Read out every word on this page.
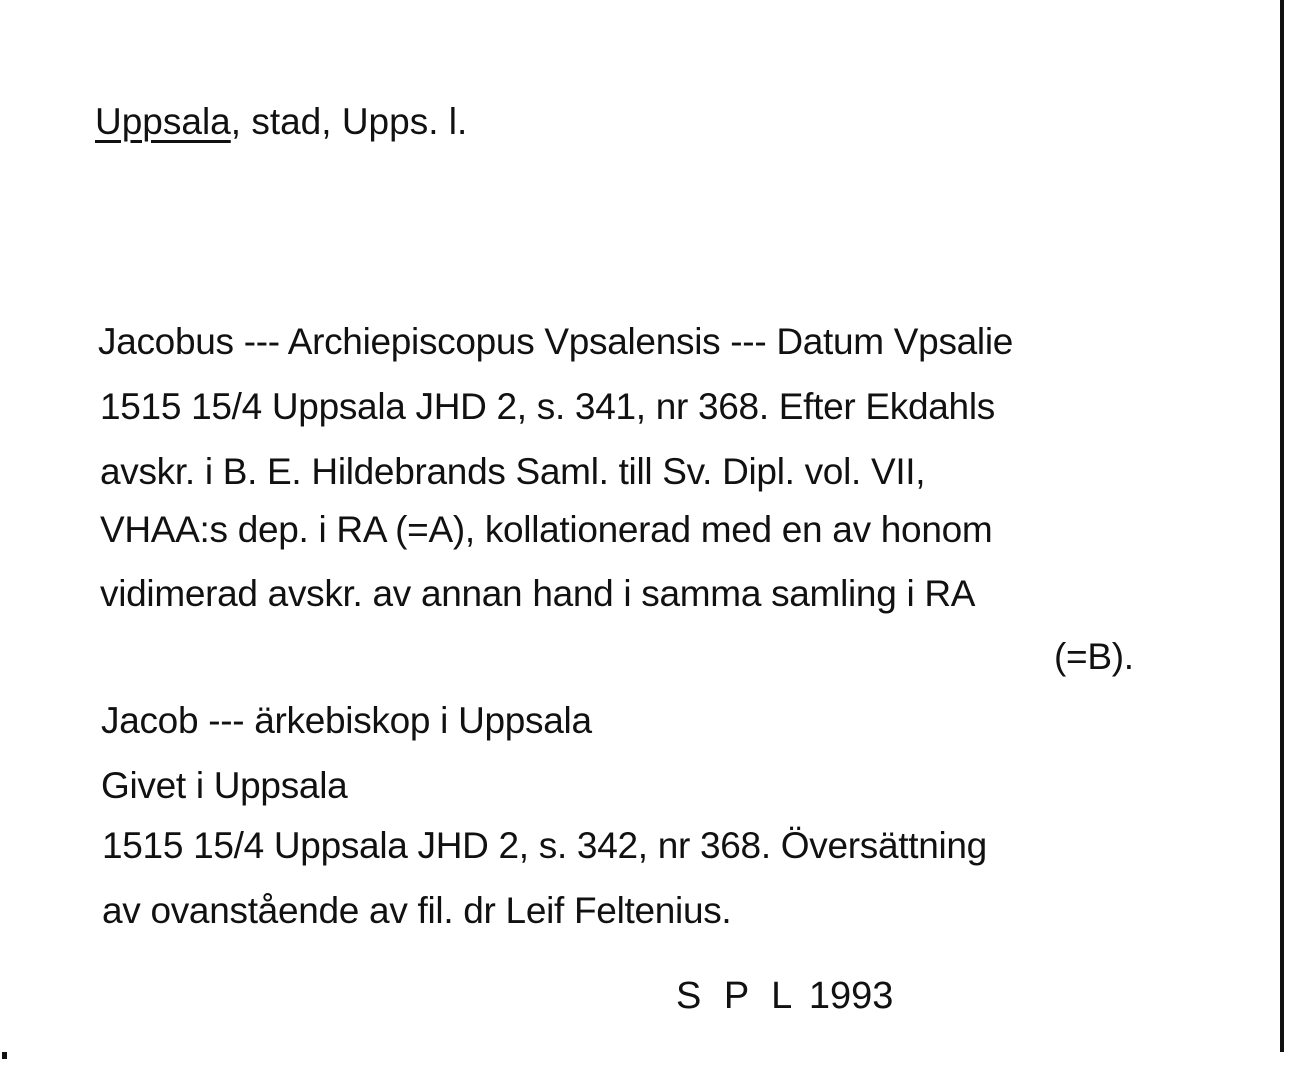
Uppsala, stad, Upps. l.
Jacobus --- Archiepiscopus Vpsalensis --- Datum Vpsalie
1515 15/4 Uppsala JHD 2, s. 341, nr 368. Efter Ekdahls
avskr. i B. E. Hildebrands Saml. till Sv. Dipl. vol. VII,
VHAA:s dep. i RA (=A), kollationerad med en av honom
vidimerad avskr. av annan hand i samma samling i RA
(=B).
Jacob --- ärkebiskop i Uppsala
Givet i Uppsala
1515 15/4 Uppsala JHD 2, s. 342, nr 368. Översättning
av ovanstående av fil. dr Leif Feltenius.
S P L 1993
